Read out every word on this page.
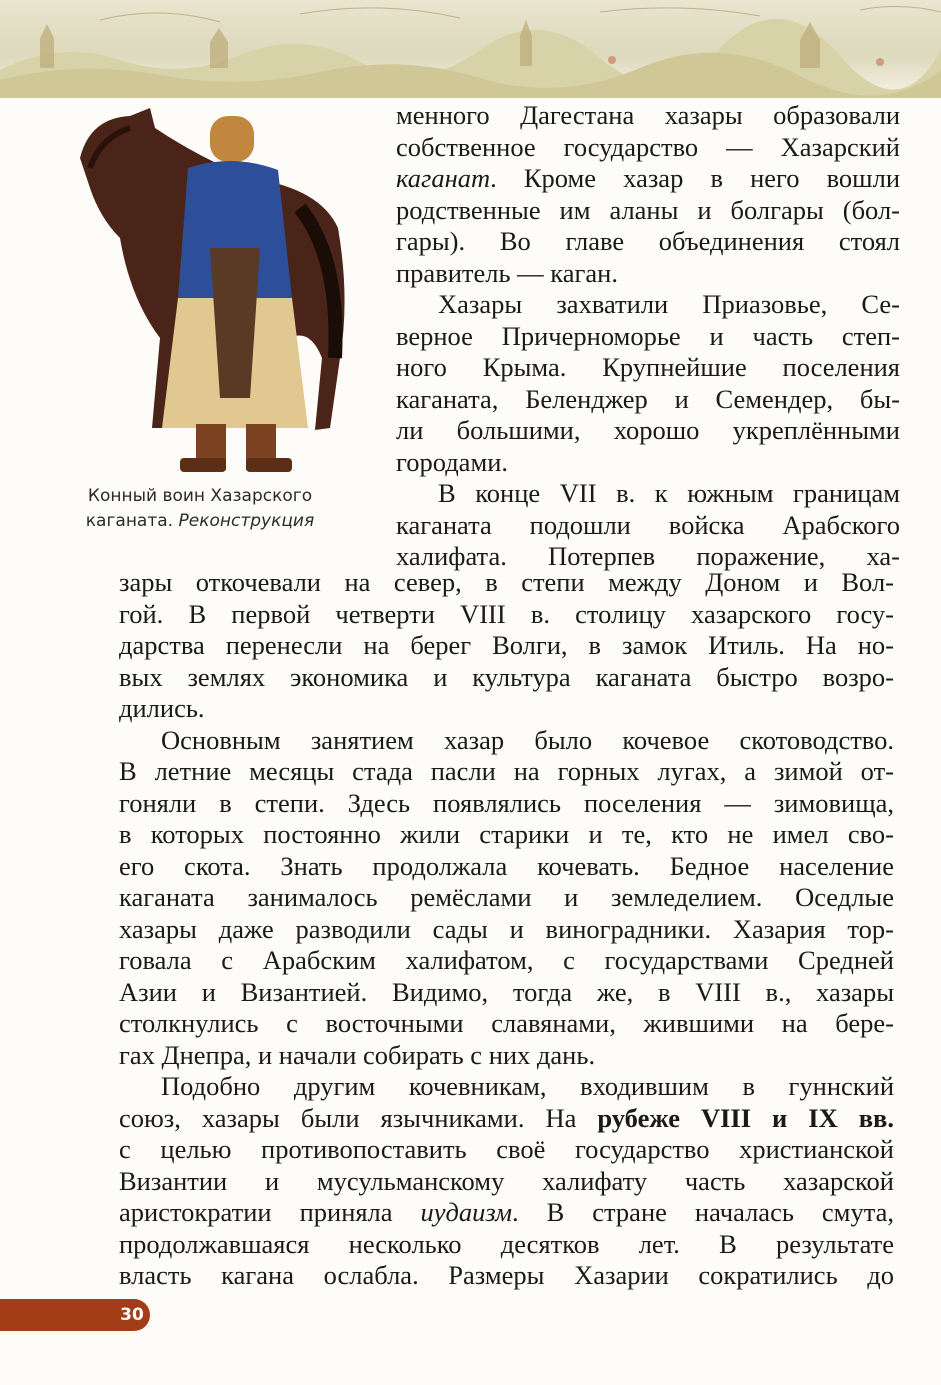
Конный воин Хазарского
каганата. Реконструкция
менного Дагестана хазары образовали
собственное государство — Хазарский
каганат. Кроме хазар в него вошли
родственные им аланы и болгары (бол-
гары). Во главе объединения стоял
правитель — каган.
Хазары захватили Приазовье, Се-
верное Причерноморье и часть степ-
ного Крыма. Крупнейшие поселения
каганата, Беленджер и Семендер, бы-
ли большими, хорошо укреплёнными
городами.
В конце VII в. к южным границам
каганата подошли войска Арабского
халифата. Потерпев поражение, ха-
зары откочевали на север, в степи между Доном и Вол-
гой. В первой четверти VIII в. столицу хазарского госу-
дарства перенесли на берег Волги, в замок Итиль. На но-
вых землях экономика и культура каганата быстро возро-
дились.
Основным занятием хазар было кочевое скотоводство.
В летние месяцы стада пасли на горных лугах, а зимой от-
гоняли в степи. Здесь появлялись поселения — зимовища,
в которых постоянно жили старики и те, кто не имел сво-
его скота. Знать продолжала кочевать. Бедное население
каганата занималось ремёслами и земледелием. Оседлые
хазары даже разводили сады и виноградники. Хазария тор-
говала с Арабским халифатом, с государствами Средней
Азии и Византией. Видимо, тогда же, в VIII в., хазары
столкнулись с восточными славянами, жившими на бере-
гах Днепра, и начали собирать с них дань.
Подобно другим кочевникам, входившим в гуннский
союз, хазары были язычниками. На рубеже VIII и IX вв.
с целью противопоставить своё государство христианской
Византии и мусульманскому халифату часть хазарской
аристократии приняла иудаизм. В стране началась смута,
продолжавшаяся несколько десятков лет. В результате
власть кагана ослабла. Размеры Хазарии сократились до
30
